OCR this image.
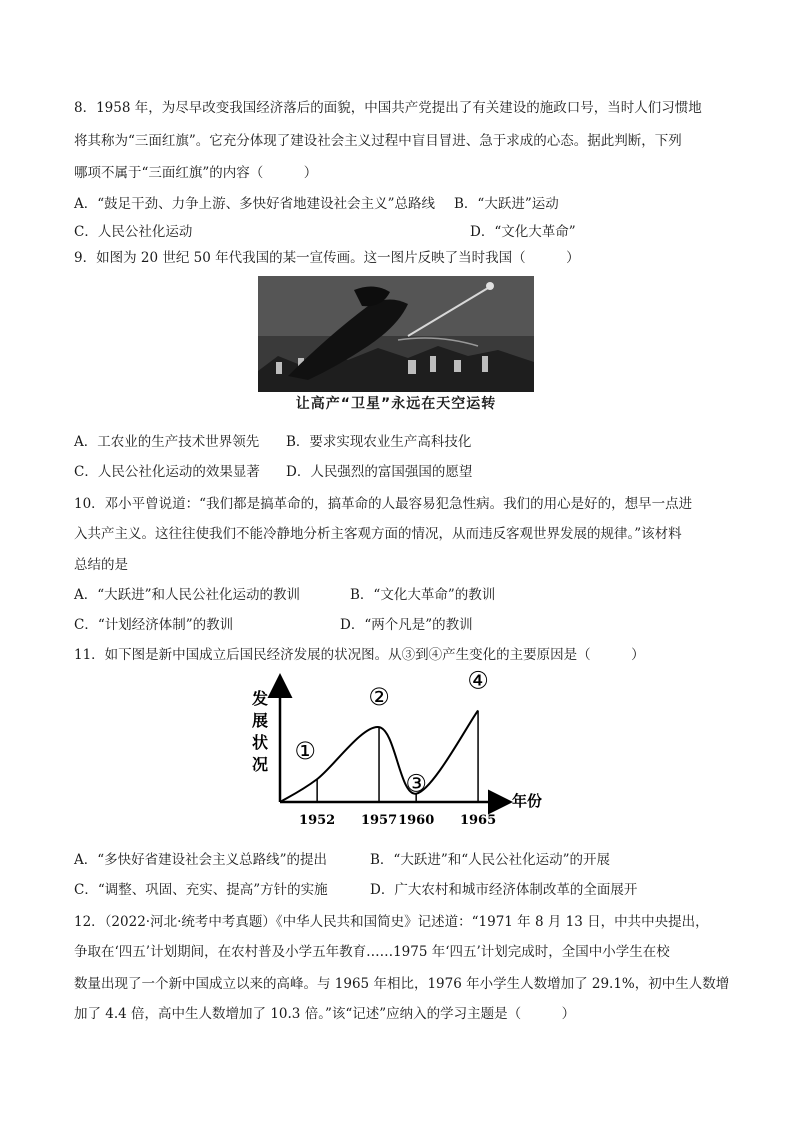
8．1958 年，为尽早改变我国经济落后的面貌，中国共产党提出了有关建设的施政口号，当时人们习惯地
将其称为“三面红旗”。它充分体现了建设社会主义过程中盲目冒进、急于求成的心态。据此判断，下列
哪项不属于“三面红旗”的内容（　　　）
A．“鼓足干劲、力争上游、多快好省地建设社会主义”总路线 B．“大跃进”运动
C．人民公社化运动	D．“文化大革命”
9．如图为 20 世纪 50 年代我国的某一宣传画。这一图片反映了当时我国（　　　）
让高产“卫星”永远在天空运转
A．工农业的生产技术世界领先 B．要求实现农业生产高科技化
C．人民公社化运动的效果显著 D．人民强烈的富国强国的愿望
10．邓小平曾说道：“我们都是搞革命的，搞革命的人最容易犯急性病。我们的用心是好的，想早一点进
入共产主义。这往往使我们不能冷静地分析主客观方面的情况，从而违反客观世界发展的规律。”该材料
总结的是
A．“大跃进”和人民公社化运动的教训	B．“文化大革命”的教训
C．“计划经济体制”的教训	D．“两个凡是”的教训
11．如下图是新中国成立后国民经济发展的状况图。从③到④产生变化的主要原因是（　　　）
发
展
状
况
年份
①
②
③
④
1952 1957 1960 1965
A．“多快好省建设社会主义总路线”的提出	B．“大跃进”和“人民公社化运动”的开展
C．“调整、巩固、充实、提高”方针的实施	D．广大农村和城市经济体制改革的全面展开
12．（2022·河北·统考中考真题）《中华人民共和国简史》记述道：“1971 年 8 月 13 日，中共中央提出，
争取在‘四五’计划期间，在农村普及小学五年教育……1975 年‘四五’计划完成时，全国中小学生在校
数量出现了一个新中国成立以来的高峰。与 1965 年相比，1976 年小学生人数增加了 29.1%，初中生人数增
加了 4.4 倍，高中生人数增加了 10.3 倍。”该“记述”应纳入的学习主题是（　　　）
